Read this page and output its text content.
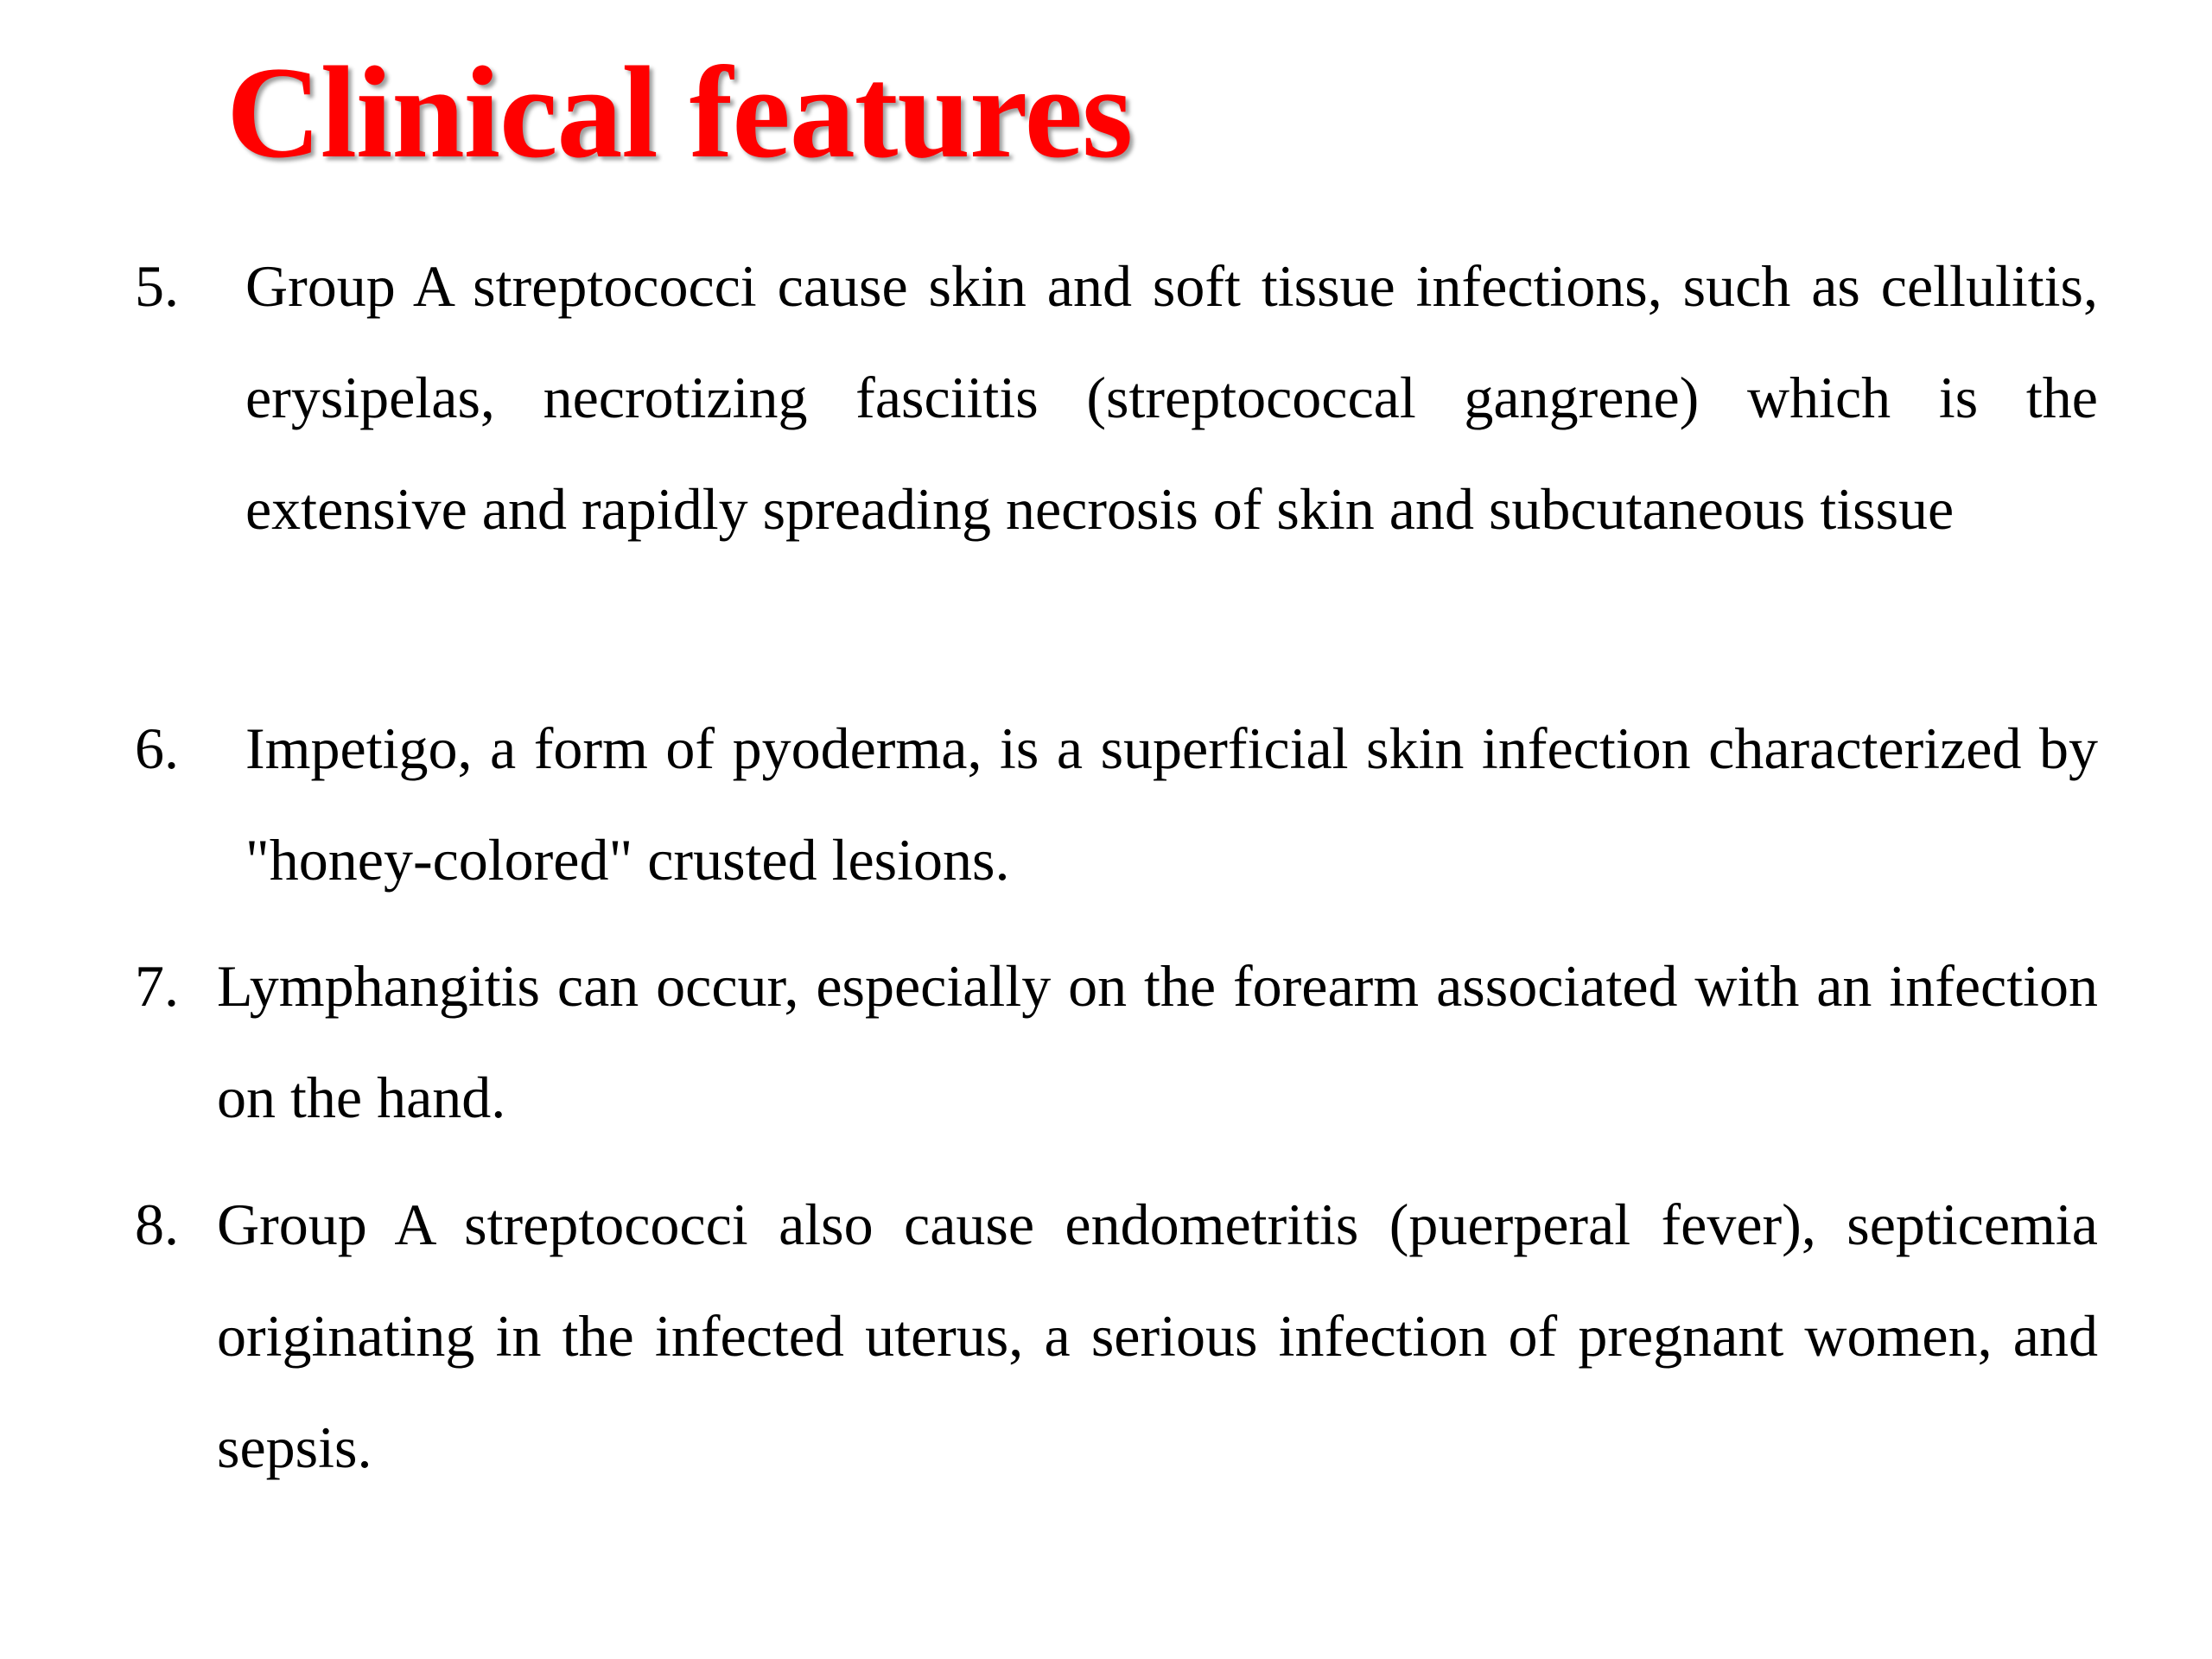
Clinical features
5. Group A streptococci cause skin and soft tissue infections, such as cellulitis, erysipelas, necrotizing fasciitis (streptococcal gangrene) which is the extensive and rapidly spreading necrosis of skin and subcutaneous tissue
6. Impetigo, a form of pyoderma, is a superficial skin infection characterized by "honey-colored" crusted lesions.
7. Lymphangitis can occur, especially on the forearm associated with an infection on the hand.
8. Group A streptococci also cause endometritis (puerperal fever), septicemia originating in the infected uterus, a serious infection of pregnant women, and sepsis.
